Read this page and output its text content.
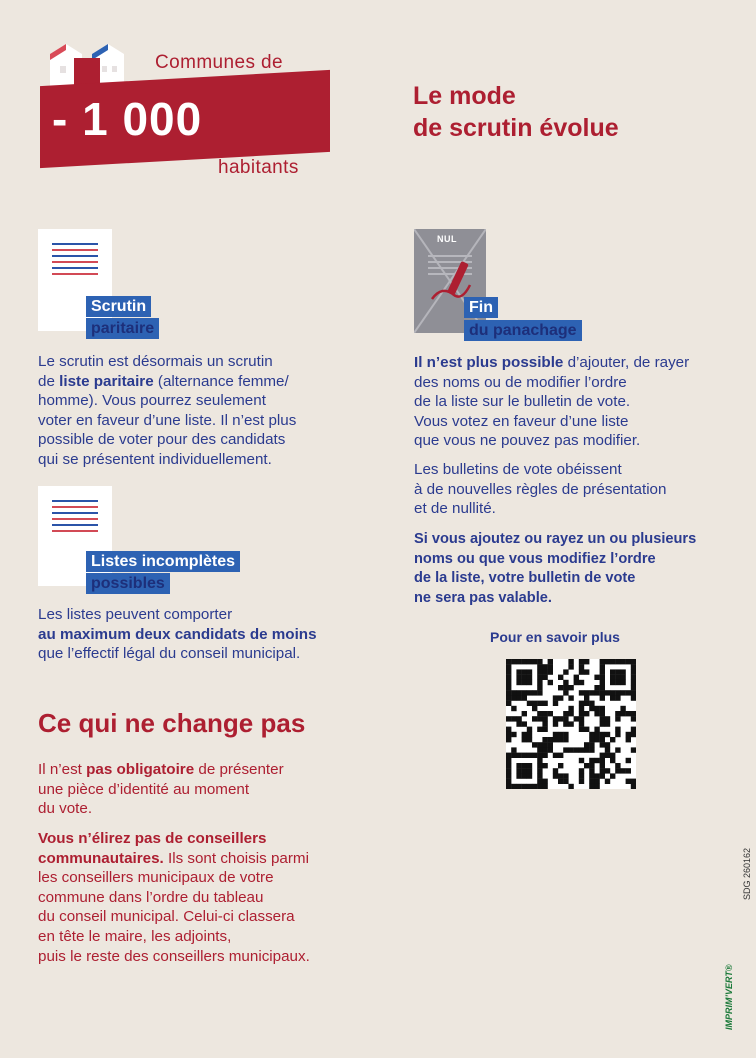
Communes de
- 1 000
habitants
Le mode
de scrutin évolue
Scrutin
paritaire
Le scrutin est désormais un scrutin
de liste paritaire (alternance femme/
homme). Vous pourrez seulement
voter en faveur d’une liste. Il n’est plus
possible de voter pour des candidats
qui se présentent individuellement.
Listes incomplètes
possibles
Les listes peuvent comporter
au maximum deux candidats de moins
que l’effectif légal du conseil municipal.
NUL
Fin
du panachage
Il n’est plus possible d’ajouter, de rayer
des noms ou de modifier l’ordre
de la liste sur le bulletin de vote.
Vous votez en faveur d’une liste
que vous ne pouvez pas modifier.
Les bulletins de vote obéissent
à de nouvelles règles de présentation
et de nullité.
Si vous ajoutez ou rayez un ou plusieurs
noms ou que vous modifiez l’ordre
de la liste, votre bulletin de vote
ne sera pas valable.
Pour en savoir plus
Ce qui ne change pas
Il n’est pas obligatoire de présenter
une pièce d’identité au moment
du vote.
Vous n’élirez pas de conseillers
communautaires. Ils sont choisis parmi
les conseillers municipaux de votre
commune dans l’ordre du tableau
du conseil municipal. Celui-ci classera
en tête le maire, les adjoints,
puis le reste des conseillers municipaux.
SDG 260162
IMPRIM’VERT®
